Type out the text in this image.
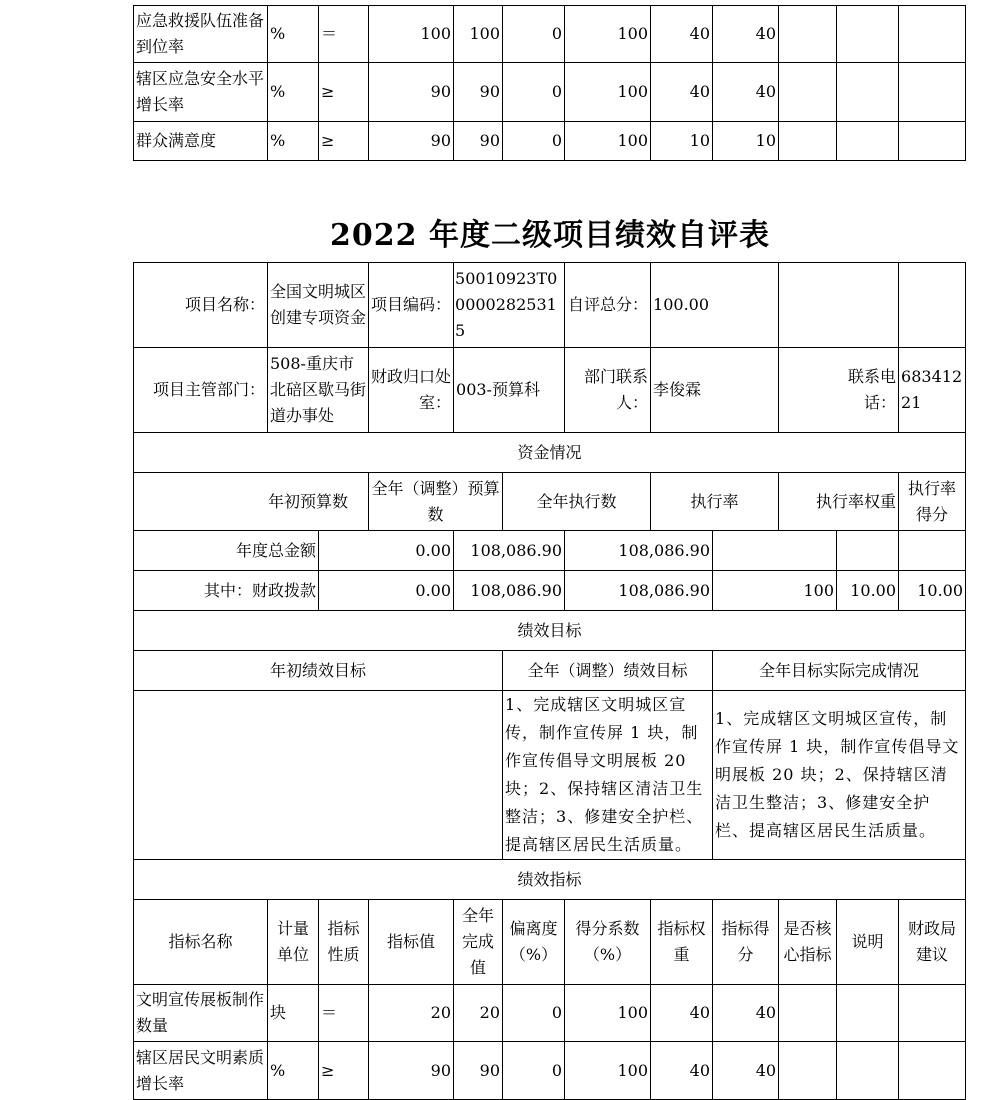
应急救援队伍准备到位率	%	＝	100	100	0	100	40	40			
辖区应急安全水平增长率	%	≥	90	90	0	100	40	40			
群众满意度	%	≥	90	90	0	100	10	10			
2022 年度二级项目绩效自评表
项目名称：	全国文明城区创建专项资金		项目编码：	50010923T000002825315		自评总分：	100.00				
项目主管部门：	508-重庆市北碚区歇马街道办事处		财政归口处室：	003-预算科		部门联系人：	李俊霖		联系电话：		68341221
资金情况											
年初预算数			全年（调整）预算数		全年执行数		执行率		执行率权重		执行率得分
年度总金额		0.00		108,086.90		108,086.90					
其中：财政拨款		0.00		108,086.90		108,086.90		100		10.00	10.00
绩效目标											
年初绩效目标					全年（调整）绩效目标			全年目标实际完成情况			
					1、完成辖区文明城区宣传，制作宣传屏 1 块，制作宣传倡导文明展板 20 块；2、保持辖区清洁卫生整洁；3、修建安全护栏、提高辖区居民生活质量。			1、完成辖区文明城区宣传，制作宣传屏 1 块，制作宣传倡导文明展板 20 块；2、保持辖区清洁卫生整洁；3、修建安全护栏、提高辖区居民生活质量。			
绩效指标											
指标名称	计量单位	指标性质	指标值	全年完成值	偏离度（%）	得分系数（%）	指标权重	指标得分	是否核心指标	说明	财政局建议
文明宣传展板制作数量	块	＝	20	20	0	100	40	40			
辖区居民文明素质增长率	%	≥	90	90	0	100	40	40			
